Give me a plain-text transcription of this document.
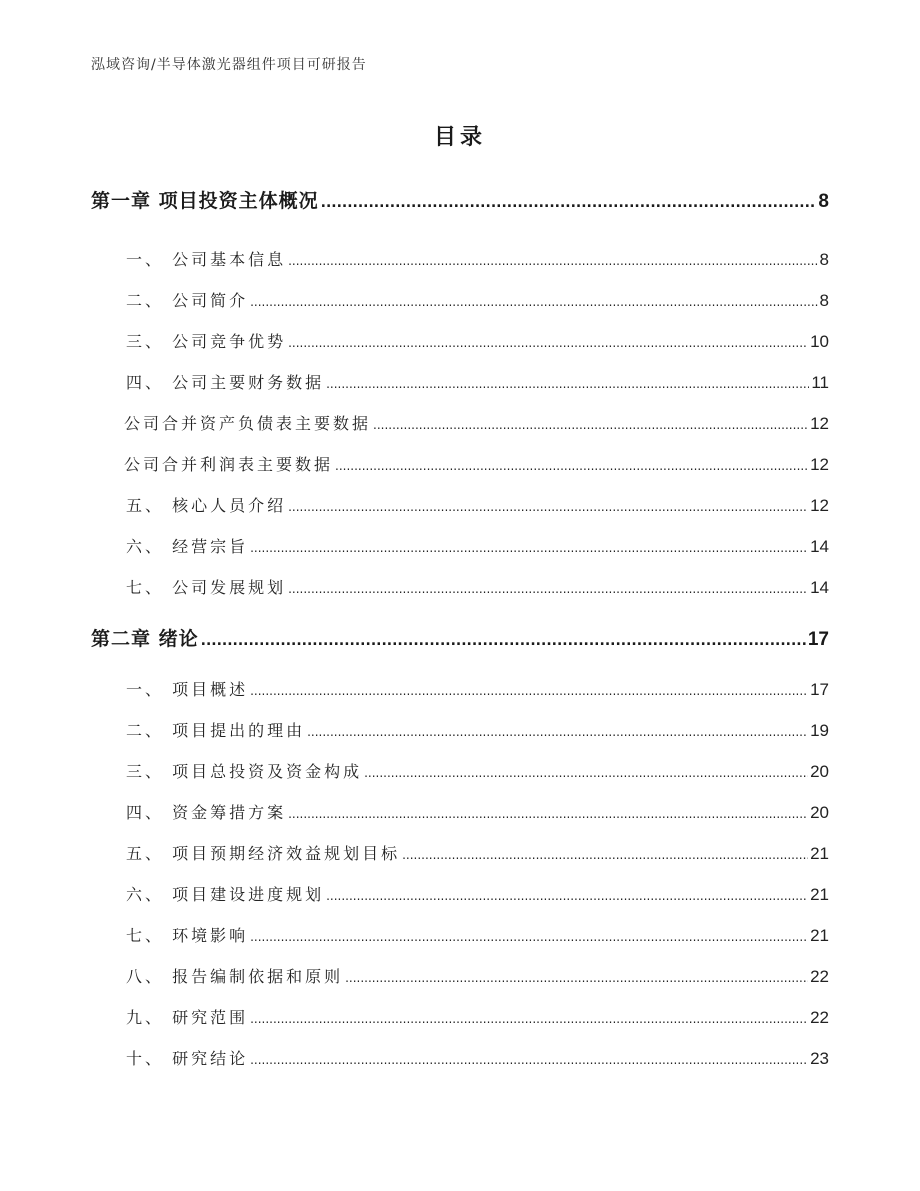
泓域咨询/半导体激光器组件项目可研报告
目录
第一章 项目投资主体概况 .....	8
一、 公司基本信息 .....	8
二、 公司简介 .....	8
三、 公司竞争优势 .....	10
四、 公司主要财务数据 .....	11
公司合并资产负债表主要数据 .....	12
公司合并利润表主要数据 .....	12
五、 核心人员介绍 .....	12
六、 经营宗旨 .....	14
七、 公司发展规划 .....	14
第二章 绪论 .....	17
一、 项目概述 .....	17
二、 项目提出的理由 .....	19
三、 项目总投资及资金构成 .....	20
四、 资金筹措方案 .....	20
五、 项目预期经济效益规划目标 .....	21
六、 项目建设进度规划 .....	21
七、 环境影响 .....	21
八、 报告编制依据和原则 .....	22
九、 研究范围 .....	22
十、 研究结论 .....	23
